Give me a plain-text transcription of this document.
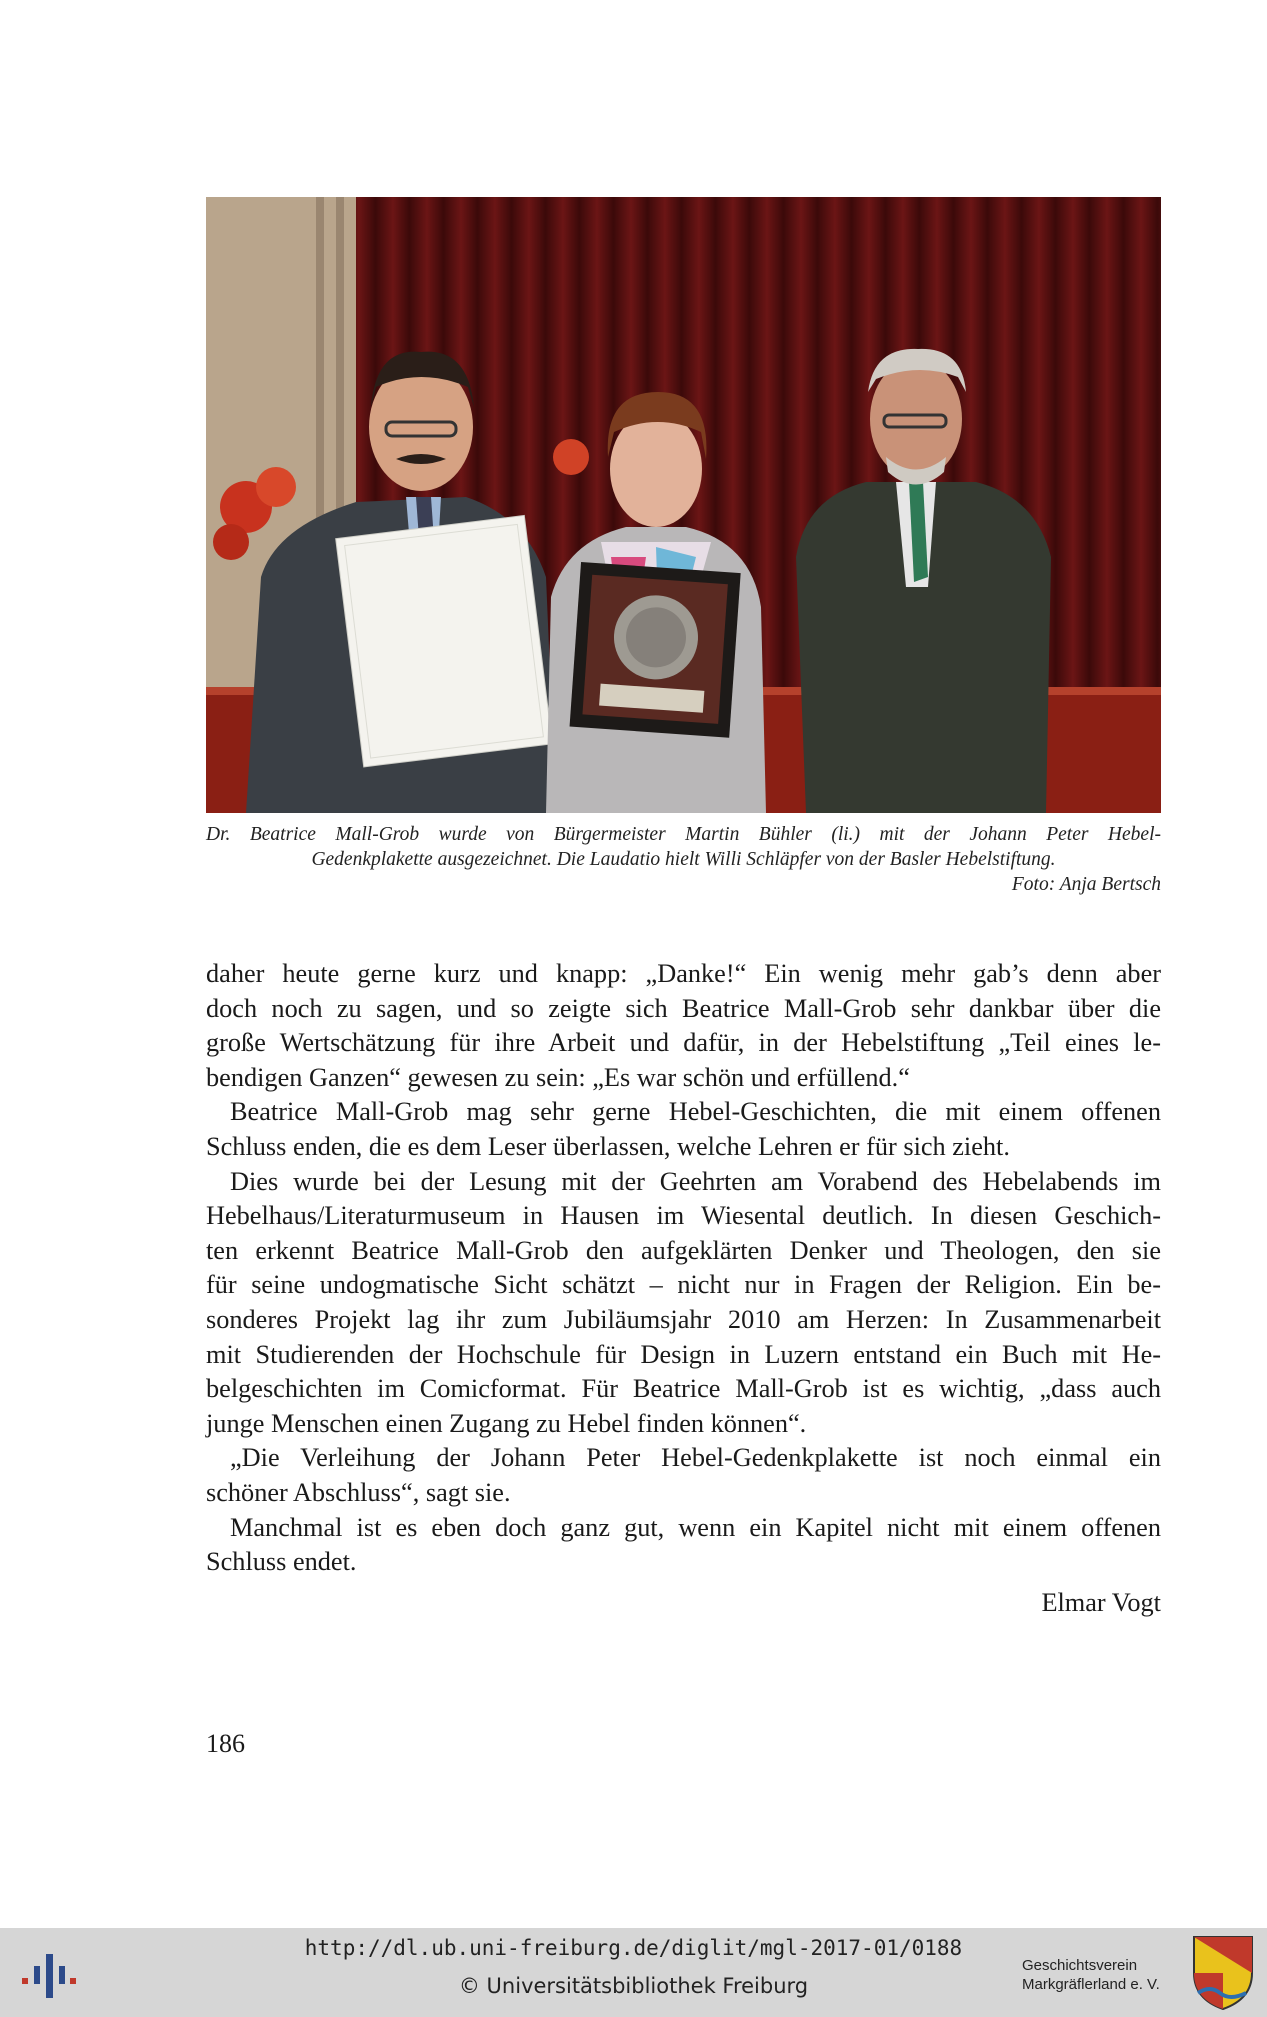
Dr. Beatrice Mall-Grob wurde von Bürgermeister Martin Bühler (li.) mit der Johann Peter Hebel-
Gedenkplakette ausgezeichnet. Die Laudatio hielt Willi Schläpfer von der Basler Hebelstiftung.
Foto: Anja Bertsch

daher heute gerne kurz und knapp: „Danke!“ Ein wenig mehr gab’s denn aber
doch noch zu sagen, und so zeigte sich Beatrice Mall-Grob sehr dankbar über die
große Wertschätzung für ihre Arbeit und dafür, in der Hebelstiftung „Teil eines le-
bendigen Ganzen“ gewesen zu sein: „Es war schön und erfüllend.“

Beatrice Mall-Grob mag sehr gerne Hebel-Geschichten, die mit einem offenen
Schluss enden, die es dem Leser überlassen, welche Lehren er für sich zieht.

Dies wurde bei der Lesung mit der Geehrten am Vorabend des Hebelabends im
Hebelhaus/Literaturmuseum in Hausen im Wiesental deutlich. In diesen Geschich-
ten erkennt Beatrice Mall-Grob den aufgeklärten Denker und Theologen, den sie
für seine undogmatische Sicht schätzt – nicht nur in Fragen der Religion. Ein be-
sonderes Projekt lag ihr zum Jubiläumsjahr 2010 am Herzen: In Zusammenarbeit
mit Studierenden der Hochschule für Design in Luzern entstand ein Buch mit He-
belgeschichten im Comicformat. Für Beatrice Mall-Grob ist es wichtig, „dass auch
junge Menschen einen Zugang zu Hebel finden können“.

„Die Verleihung der Johann Peter Hebel-Gedenkplakette ist noch einmal ein
schöner Abschluss“, sagt sie.

Manchmal ist es eben doch ganz gut, wenn ein Kapitel nicht mit einem offenen
Schluss endet.

Elmar Vogt
186
http://dl.ub.uni-freiburg.de/diglit/mgl-2017-01/0188
© Universitätsbibliothek Freiburg
Geschichtsverein
Markgräflerland e. V.
